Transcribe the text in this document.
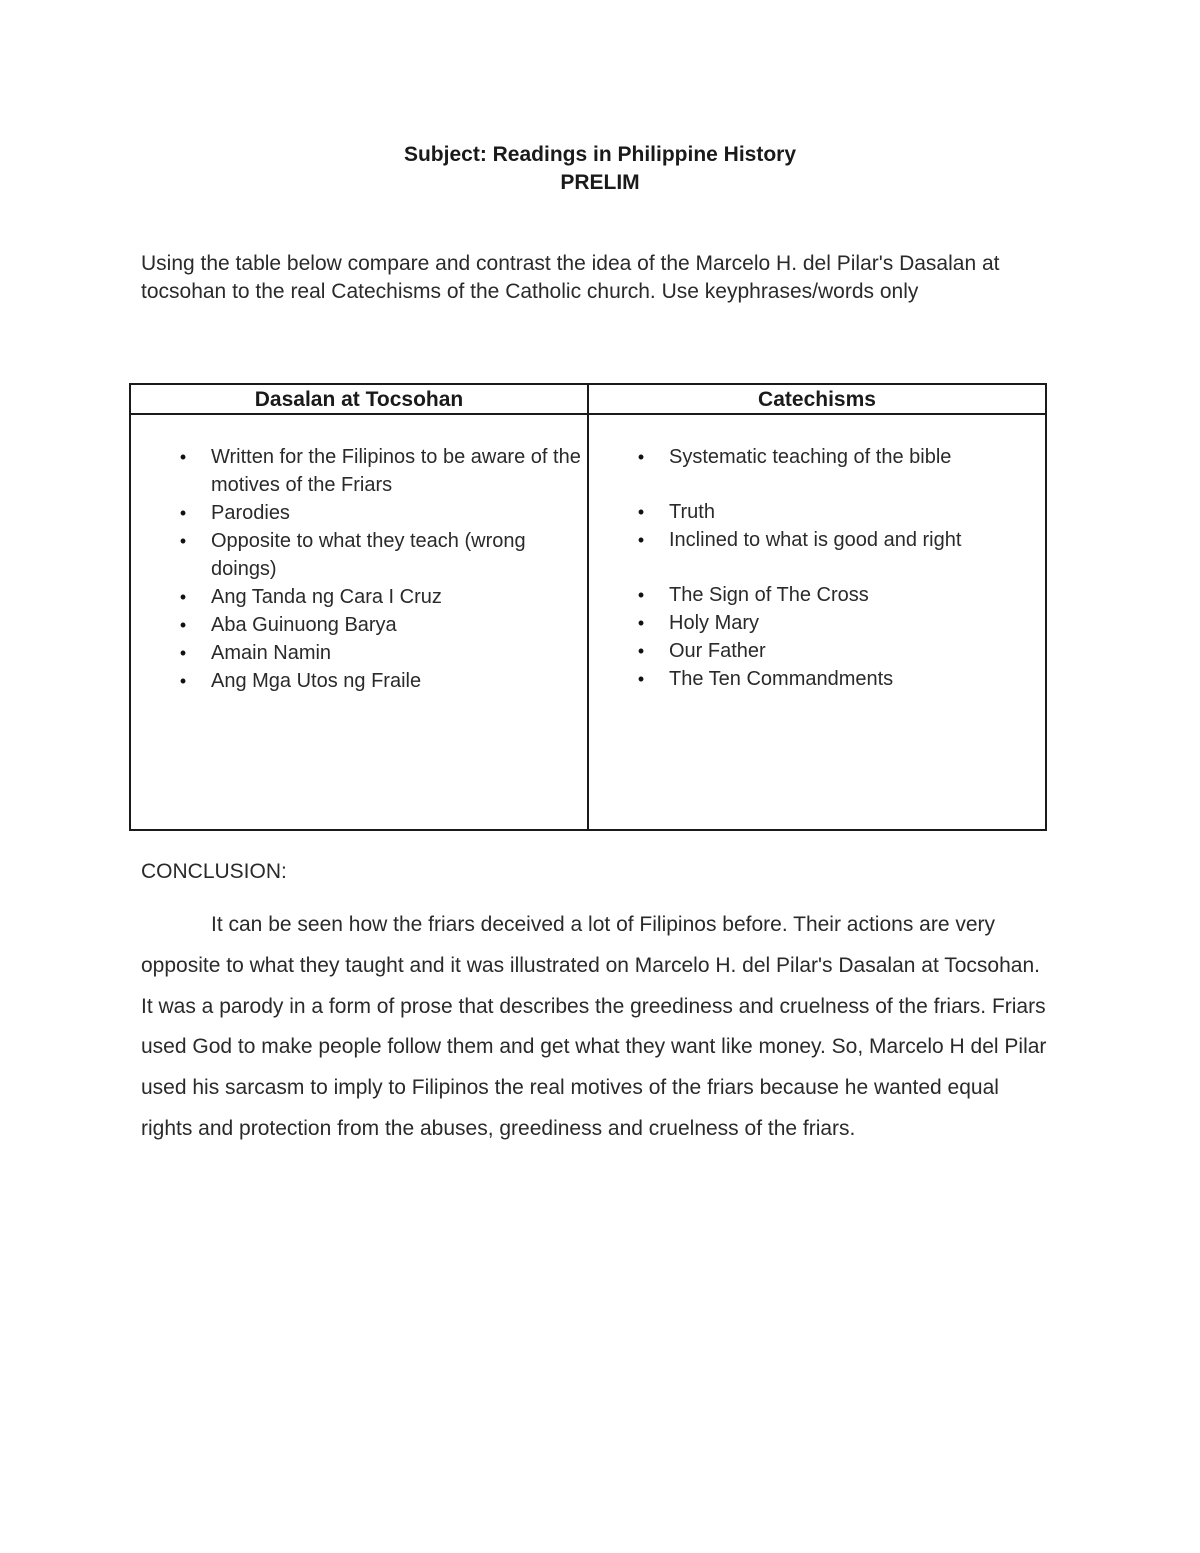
Subject: Readings in Philippine History
PRELIM
Using the table below compare and contrast the idea of the Marcelo H. del Pilar's Dasalan at tocsohan to the real Catechisms of the Catholic church. Use keyphrases/words only
Dasalan at Tocsohan	Catechisms
• Written for the Filipinos to be aware of the motives of the Friars
• Parodies
• Opposite to what they teach (wrong doings)
• Ang Tanda ng Cara I Cruz
• Aba Guinuong Barya
• Amain Namin
• Ang Mga Utos ng Fraile
• Systematic teaching of the bible
• Truth
• Inclined to what is good and right
• The Sign of The Cross
• Holy Mary
• Our Father
• The Ten Commandments
CONCLUSION:
It can be seen how the friars deceived a lot of Filipinos before. Their actions are very opposite to what they taught and it was illustrated on Marcelo H. del Pilar's Dasalan at Tocsohan. It was a parody in a form of prose that describes the greediness and cruelness of the friars. Friars used God to make people follow them and get what they want like money. So, Marcelo H del Pilar used his sarcasm to imply to Filipinos the real motives of the friars because he wanted equal rights and protection from the abuses, greediness and cruelness of the friars.
